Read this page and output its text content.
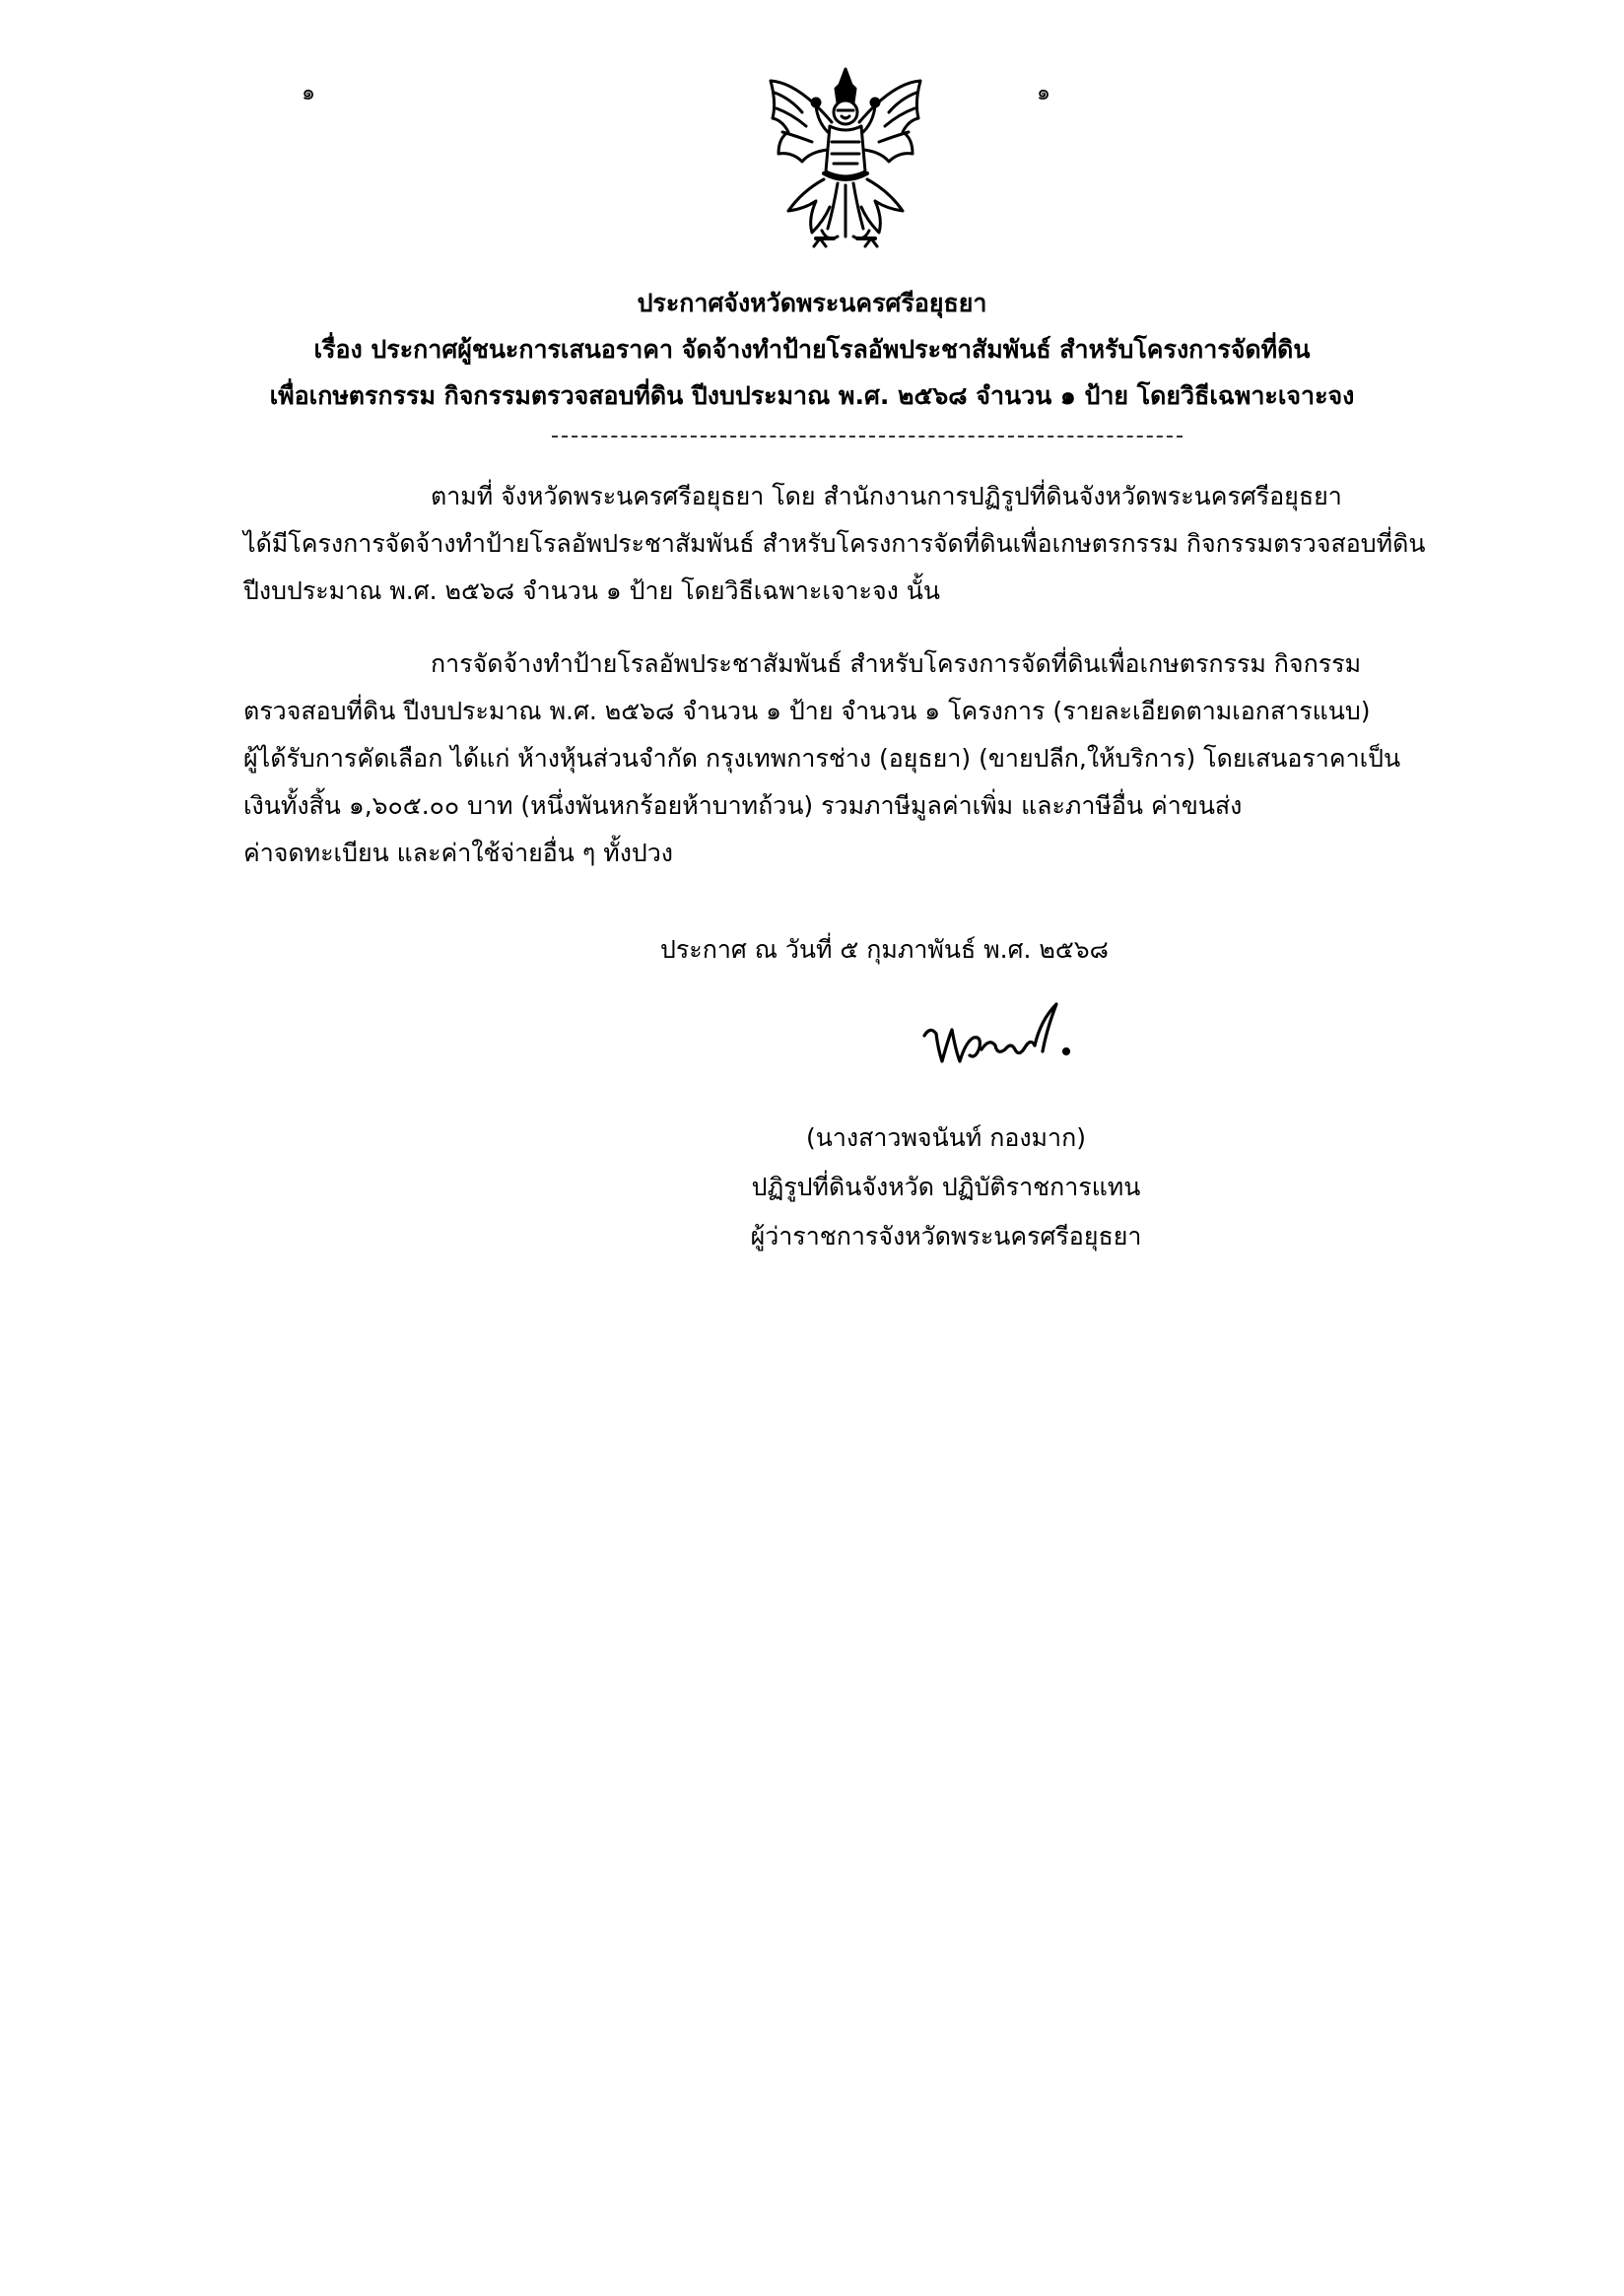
๑	๑
ประกาศจังหวัดพระนครศรีอยุธยา
เรื่อง ประกาศผู้ชนะการเสนอราคา จัดจ้างทำป้ายโรลอัพประชาสัมพันธ์ สำหรับโครงการจัดที่ดิน
เพื่อเกษตรกรรม กิจกรรมตรวจสอบที่ดิน ปีงบประมาณ พ.ศ. ๒๕๖๘ จำนวน ๑ ป้าย โดยวิธีเฉพาะเจาะจง
ตามที่ จังหวัดพระนครศรีอยุธยา โดย สำนักงานการปฏิรูปที่ดินจังหวัดพระนครศรีอยุธยา
ได้มีโครงการจัดจ้างทำป้ายโรลอัพประชาสัมพันธ์ สำหรับโครงการจัดที่ดินเพื่อเกษตรกรรม กิจกรรมตรวจสอบที่ดิน
ปีงบประมาณ พ.ศ. ๒๕๖๘ จำนวน ๑ ป้าย โดยวิธีเฉพาะเจาะจง นั้น
การจัดจ้างทำป้ายโรลอัพประชาสัมพันธ์ สำหรับโครงการจัดที่ดินเพื่อเกษตรกรรม กิจกรรม
ตรวจสอบที่ดิน ปีงบประมาณ พ.ศ. ๒๕๖๘ จำนวน ๑ ป้าย จำนวน ๑ โครงการ (รายละเอียดตามเอกสารแนบ)
ผู้ได้รับการคัดเลือก ได้แก่ ห้างหุ้นส่วนจำกัด กรุงเทพการช่าง (อยุธยา) (ขายปลีก,ให้บริการ) โดยเสนอราคาเป็น
เงินทั้งสิ้น ๑,๖๐๕.๐๐ บาท (หนึ่งพันหกร้อยห้าบาทถ้วน) รวมภาษีมูลค่าเพิ่ม และภาษีอื่น ค่าขนส่ง
ค่าจดทะเบียน และค่าใช้จ่ายอื่น ๆ ทั้งปวง
ประกาศ ณ วันที่ ๕ กุมภาพันธ์ พ.ศ. ๒๕๖๘
(นางสาวพจนันท์ กองมาก)
ปฏิรูปที่ดินจังหวัด ปฏิบัติราชการแทน
ผู้ว่าราชการจังหวัดพระนครศรีอยุธยา
